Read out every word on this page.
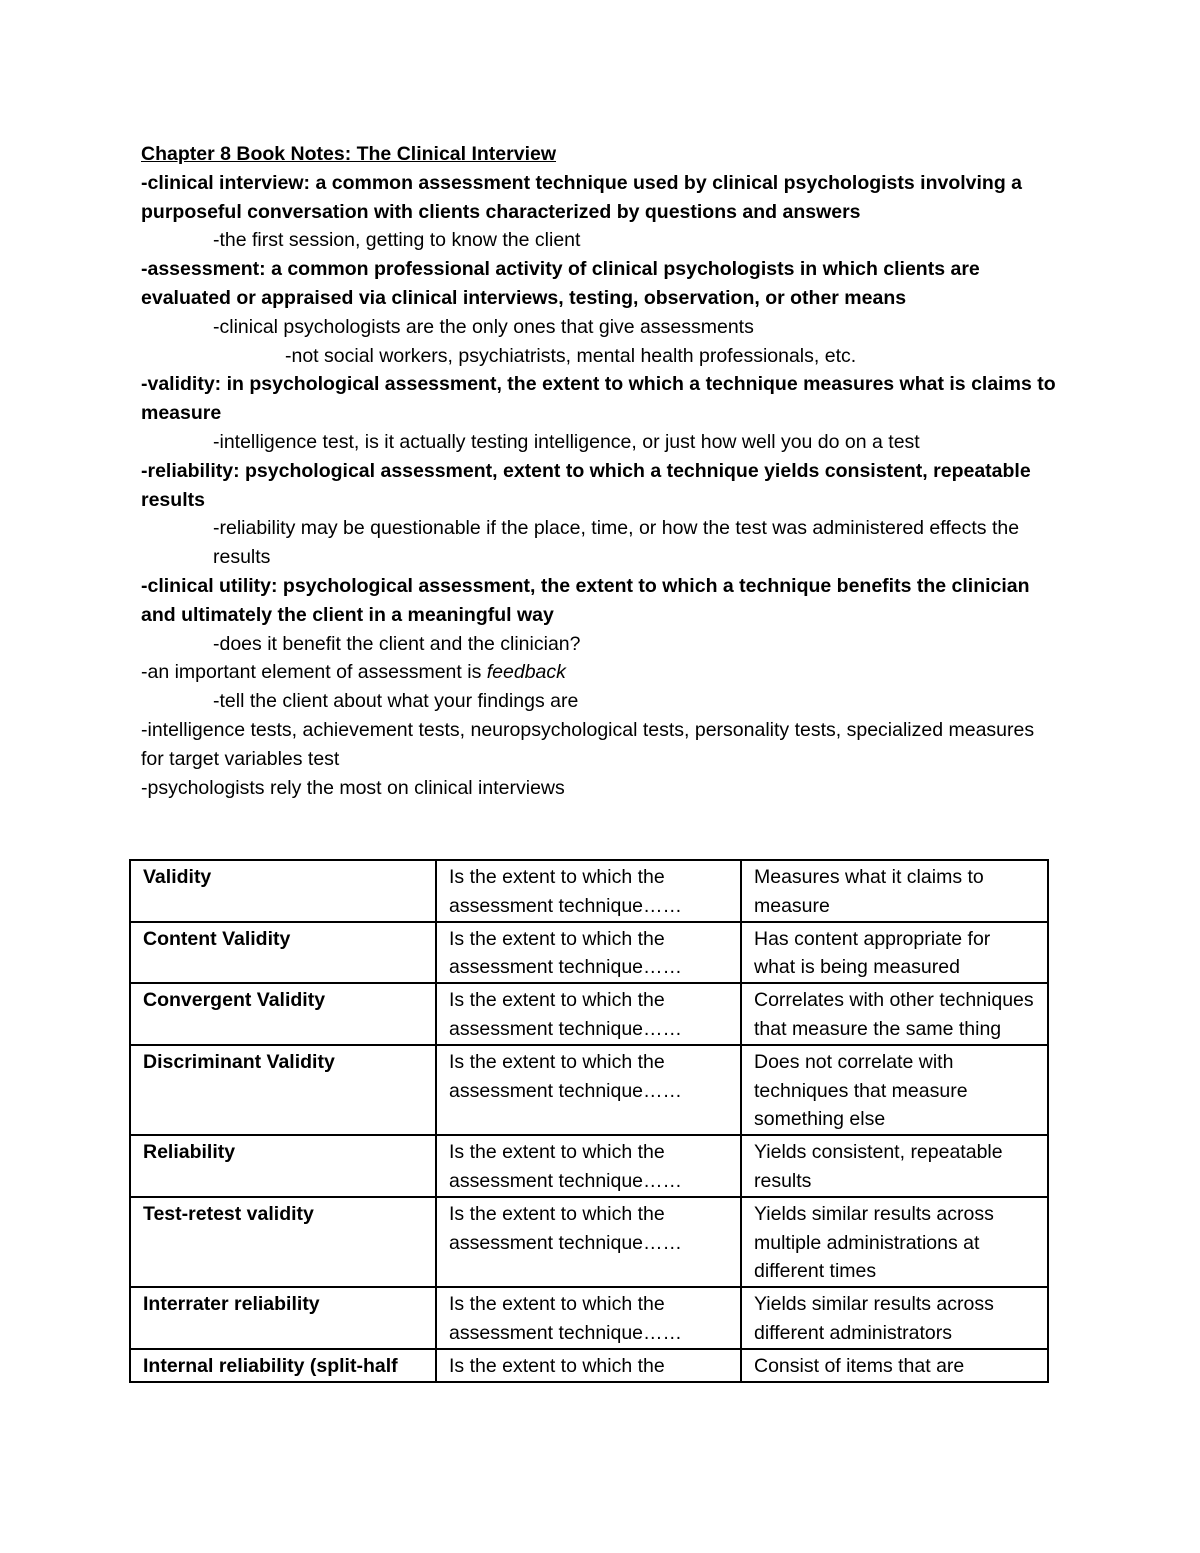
Chapter 8 Book Notes: The Clinical Interview

-clinical interview: a common assessment technique used by clinical psychologists involving a purposeful conversation with clients characterized by questions and answers

-the first session, getting to know the client

-assessment: a common professional activity of clinical psychologists in which clients are evaluated or appraised via clinical interviews, testing, observation, or other means

-clinical psychologists are the only ones that give assessments

-not social workers, psychiatrists, mental health professionals, etc.

-validity: in psychological assessment, the extent to which a technique measures what is claims to measure

-intelligence test, is it actually testing intelligence, or just how well you do on a test

-reliability: psychological assessment, extent to which a technique yields consistent, repeatable results

-reliability may be questionable if the place, time, or how the test was administered effects the results

-clinical utility: psychological assessment, the extent to which a technique benefits the clinician and ultimately the client in a meaningful way

-does it benefit the client and the clinician?

-an important element of assessment is feedback

-tell the client about what your findings are

-intelligence tests, achievement tests, neuropsychological tests, personality tests, specialized measures for target variables test

-psychologists rely the most on clinical interviews

Validity	Is the extent to which the assessment technique……	Measures what it claims to measure
Content Validity	Is the extent to which the assessment technique……	Has content appropriate for what is being measured
Convergent Validity	Is the extent to which the assessment technique……	Correlates with other techniques that measure the same thing
Discriminant Validity	Is the extent to which the assessment technique……	Does not correlate with techniques that measure something else
Reliability	Is the extent to which the assessment technique……	Yields consistent, repeatable results
Test-retest validity	Is the extent to which the assessment technique……	Yields similar results across multiple administrations at different times
Interrater reliability	Is the extent to which the assessment technique……	Yields similar results across different administrators
Internal reliability (split-half	Is the extent to which the	Consist of items that are
